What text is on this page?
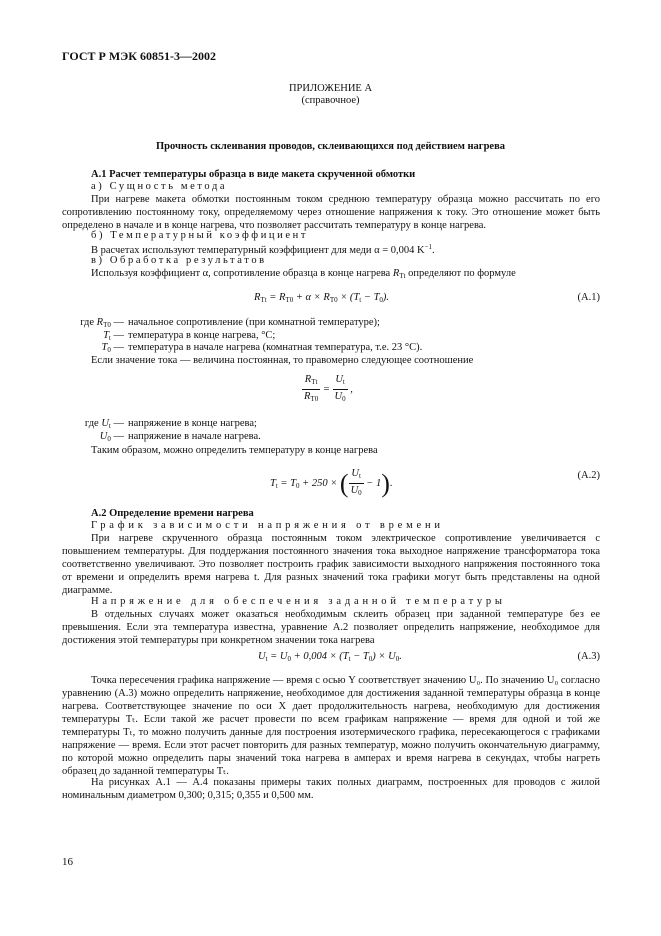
ГОСТ Р МЭК 60851-3—2002
ПРИЛОЖЕНИЕ А
(справочное)
Прочность склеивания проводов, склеивающихся под действием нагрева
А.1 Расчет температуры образца в виде макета скрученной обмотки
а) Сущность метода
При нагреве макета обмотки постоянным током среднюю температуру образца можно рассчитать по его сопротивлению постоянному току, определяемому через отношение напряжения к току. Это отношение может быть определено в начале и в конце нагрева, что позволяет рассчитать температуру в конце нагрева.
б) Температурный коэффициент
В расчетах используют температурный коэффициент для меди α = 0,004 $K^{-1}$.
в) Обработка результатов
Используя коэффициент α, сопротивление образца в конце нагрева $R_{Tt}$ определяют по формуле
$R_{Tt} = R_{T0} + \alpha \times R_{T0} \times (T_t - T_0)$.	(А.1)
где $R_{T0}$ — начальное сопротивление (при комнатной температуре);
$T_t$ — температура в конце нагрева, °С;
$T_0$ — температура в начале нагрева (комнатная температура, т.е. 23 °С).
Если значение тока — величина постоянная, то правомерно следующее соотношение
$\frac{R_{Tt}}{R_{T0}} = \frac{U_t}{U_0}$ ,
где $U_t$ — напряжение в конце нагрева;
$U_0$ — напряжение в начале нагрева.
Таким образом, можно определить температуру в конце нагрева
$T_t = T_0 + 250$ × ( $\frac{U_t}{U_0} - 1$).
(А.2)
А.2 Определение времени нагрева
График зависимости напряжения от времени
При нагреве скрученного образца постоянным током электрическое сопротивление увеличивается с повышением температуры. Для поддержания постоянного значения тока выходное напряжение трансформатора тока соответственно увеличивают. Это позволяет построить график зависимости выходного напряжения постоянного тока от времени и определить время нагрева t. Для разных значений тока графики могут быть представлены на одной диаграмме.
Напряжение для обеспечения заданной температуры
В отдельных случаях может оказаться необходимым склеить образец при заданной температуре без ее превышения. Если эта температура известна, уравнение А.2 позволяет определить напряжение, необходимое для достижения этой температуры при конкретном значении тока нагрева
$U_t = U_0 + 0,004 \times (T_t - T_0) \times U_0$.	(А.3)
Точка пересечения графика напряжение — время с осью Y соответствует значению U₀. По значению U₀ согласно уравнению (А.3) можно определить напряжение, необходимое для достижения заданной температуры образца в конце нагрева. Соответствующее значение по оси X дает продолжительность нагрева, необходимую для достижения температуры Tₜ. Если такой же расчет провести по всем графикам напряжение — время для одной и той же температуры Tₜ, то можно получить данные для построения изотермического графика, пересекающегося с графиками напряжение — время. Если этот расчет повторить для разных температур, можно получить окончательную диаграмму, по которой можно определить пары значений тока нагрева в амперах и время нагрева в секундах, чтобы нагреть образец до заданной температуры Tₜ.
На рисунках А.1 — А.4 показаны примеры таких полных диаграмм, построенных для проводов с жилой номинальным диаметром 0,300; 0,315; 0,355 и 0,500 мм.
16
